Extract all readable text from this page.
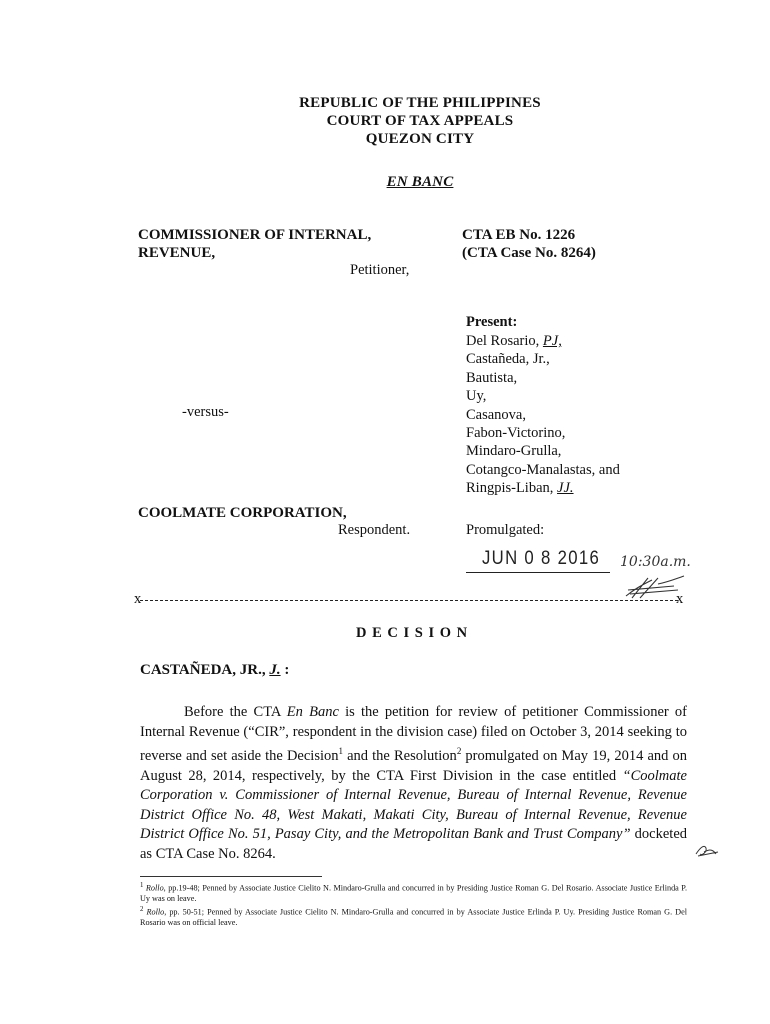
REPUBLIC OF THE PHILIPPINES
COURT OF TAX APPEALS
QUEZON CITY
EN BANC
COMMISSIONER OF INTERNAL,
REVENUE,
Petitioner,
CTA EB No. 1226
(CTA Case No. 8264)
Present:
Del Rosario, PJ,
Castañeda, Jr.,
Bautista,
Uy,
Casanova,
Fabon-Victorino,
Mindaro-Grulla,
Cotangco-Manalastas, and
Ringpis-Liban, JJ.
-versus-
COOLMATE CORPORATION,
Respondent.	Promulgated:
JUN 0 8 2016 10:30a.m.
x	x
D E C I S I O N
CASTAÑEDA, JR., J. :
Before the CTA En Banc is the petition for review of petitioner Commissioner of Internal Revenue (“CIR”, respondent in the division case) filed on October 3, 2014 seeking to reverse and set aside the Decision$^1$ and the Resolution$^2$ promulgated on May 19, 2014 and on August 28, 2014, respectively, by the CTA First Division in the case entitled “Coolmate Corporation v. Commissioner of Internal Revenue, Bureau of Internal Revenue, Revenue District Office No. 48, West Makati, Makati City, Bureau of Internal Revenue, Revenue District Office No. 51, Pasay City, and the Metropolitan Bank and Trust Company” docketed as CTA Case No. 8264.
$^1$ Rollo, pp.19-48; Penned by Associate Justice Cielito N. Mindaro-Grulla and concurred in by Presiding Justice Roman G. Del Rosario. Associate Justice Erlinda P. Uy was on leave.
$^2$ Rollo, pp. 50-51; Penned by Associate Justice Cielito N. Mindaro-Grulla and concurred in by Associate Justice Erlinda P. Uy. Presiding Justice Roman G. Del Rosario was on official leave.
